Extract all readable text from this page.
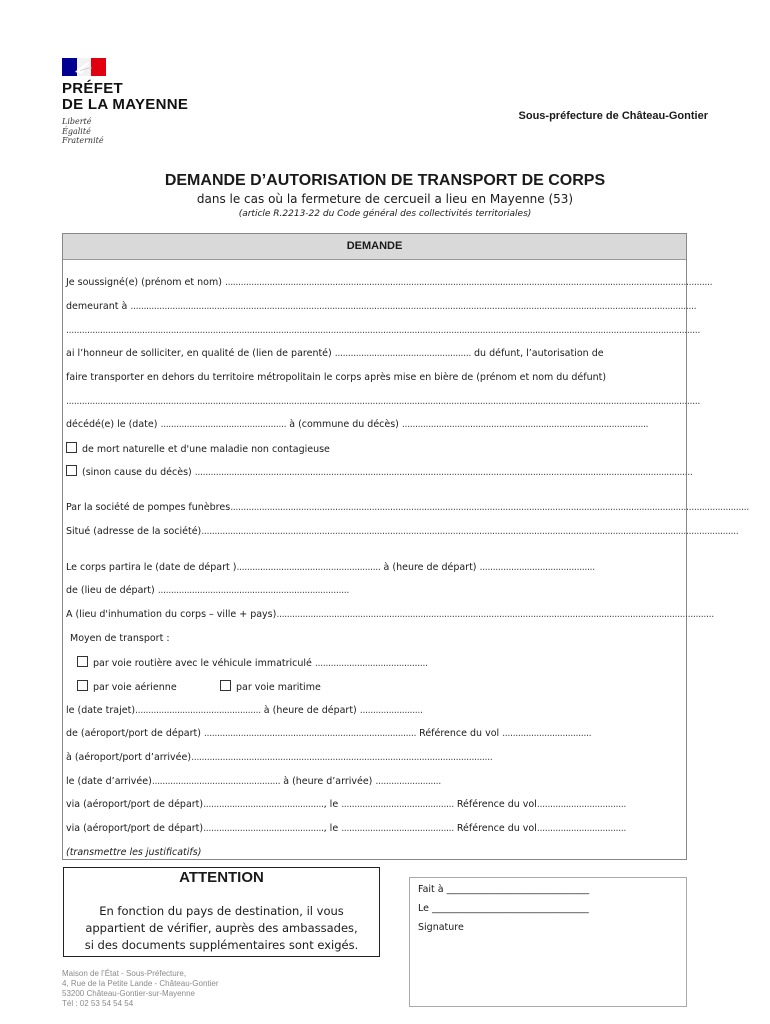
PRÉFET
DE LA MAYENNE
Liberté
Égalité
Fraternité
Sous-préfecture de Château-Gontier
DEMANDE D’AUTORISATION DE TRANSPORT DE CORPS
dans le cas où la fermeture de cercueil a lieu en Mayenne (53)
(article R.2213-22 du Code général des collectivités territoriales)
DEMANDE
Je soussigné(e) (prénom et nom) ..........................................................................................................................................................................................
demeurant à ........................................................................................................................................................................................................................
..................................................................................................................................................................................................................................................
ai l’honneur de solliciter, en qualité de (lien de parenté) .................................................... du défunt, l’autorisation de
faire transporter en dehors du territoire métropolitain le corps après mise en bière de (prénom et nom du défunt)
..................................................................................................................................................................................................................................................
décédé(e) le (date) ................................................ à (commune du décès) ..............................................................................................
de mort naturelle et d'une maladie non contagieuse
(sinon cause du décès) ..............................................................................................................................................................................................
Par la société de pompes funèbres......................................................................................................................................................................................................
Situé (adresse de la société).............................................................................................................................................................................................................
Le corps partira le (date de départ )....................................................... à (heure de départ) ............................................
de (lieu de départ) .........................................................................
A (lieu d'inhumation du corps – ville + pays).......................................................................................................................................................................
Moyen de transport :
par voie routière avec le véhicule immatriculé ...........................................
par voie aérienne	par voie maritime
le (date trajet)................................................ à (heure de départ) ........................
de (aéroport/port de départ) ................................................................................. Référence du vol ..................................
à (aéroport/port d’arrivée)...................................................................................................................
le (date d’arrivée)................................................. à (heure d’arrivée) .........................
via (aéroport/port de départ).............................................., le ........................................... Référence du vol..................................
via (aéroport/port de départ).............................................., le ........................................... Référence du vol..................................
(transmettre les justificatifs)
ATTENTION
En fonction du pays de destination, il vous
appartient de vérifier, auprès des ambassades,
si des documents supplémentaires sont exigés.
Fait à ______________________________
Le _________________________________
Signature
Maison de l’État - Sous-Préfecture,
4, Rue de la Petite Lande - Château-Gontier
53200 Château-Gontier-sur-Mayenne
Tél : 02 53 54 54 54
